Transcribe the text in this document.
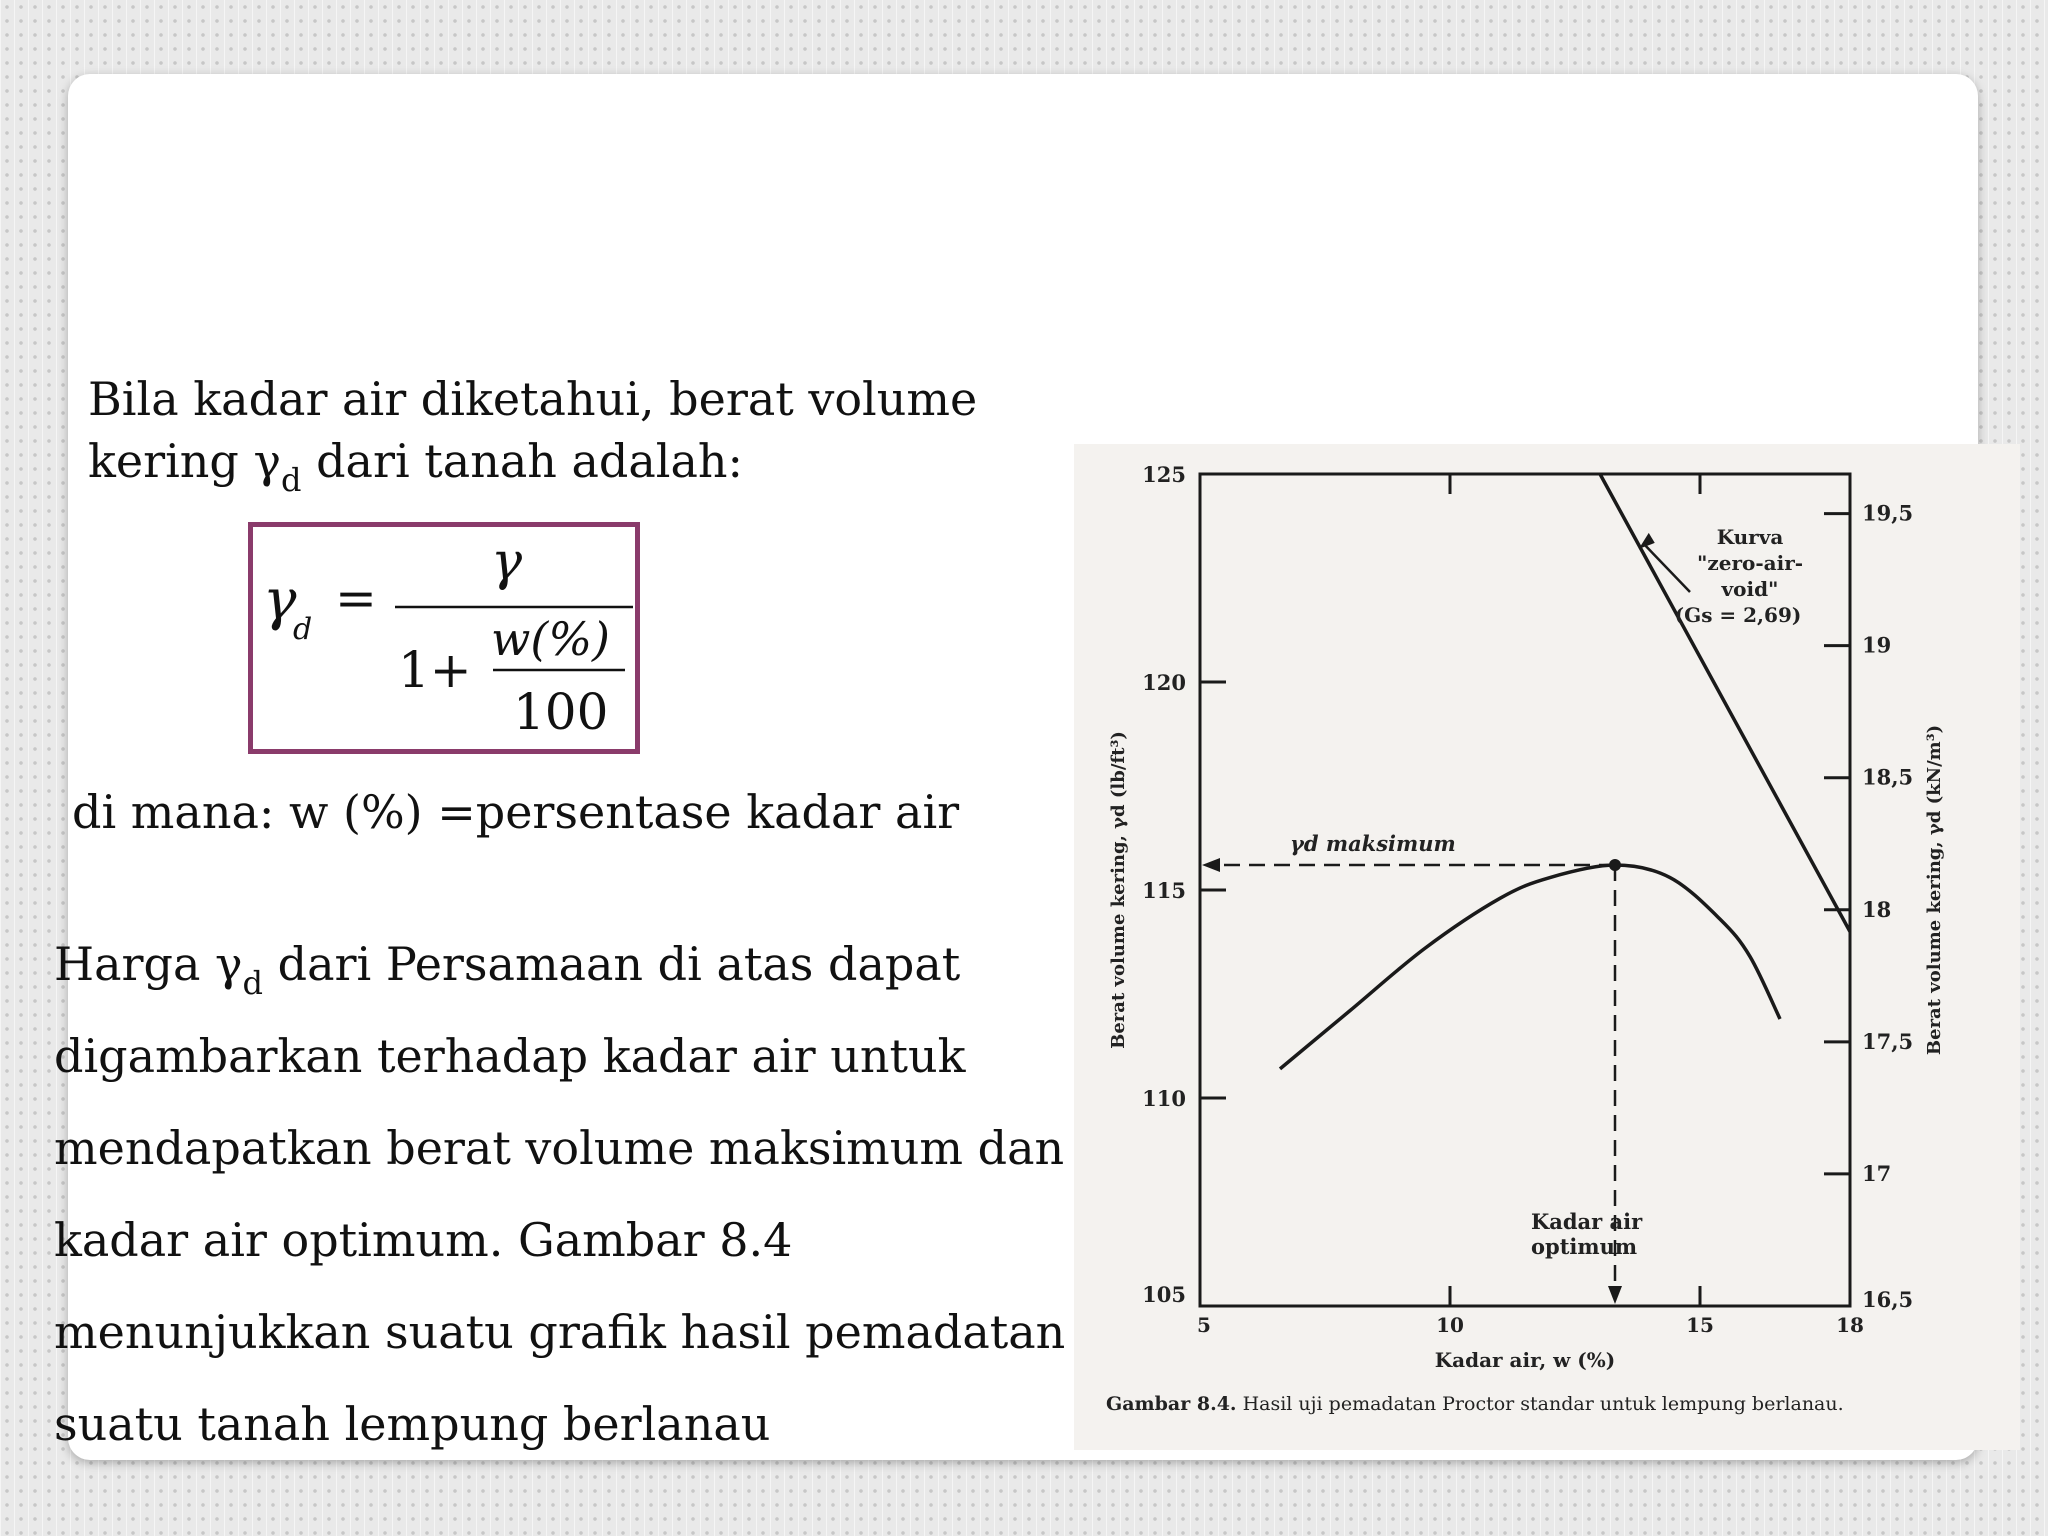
Bila kadar air diketahui, berat volume
kering $\gamma_d$ dari tanah adalah:
γ
d
=
γ
1+
w(%)
100
di mana: w (%) =persentase kadar air
Harga $\gamma_d$ dari Persamaan di atas dapat
digambarkan terhadap kadar air untuk
mendapatkan berat volume maksimum dan
kadar air optimum. Gambar 8.4
menunjukkan suatu grafik hasil pemadatan
suatu tanah lempung berlanau
5	10	15	18
105
110
115
120
125
16,5
17
17,5
18
18,5
19
19,5
γd maksimum
Kadar air
optimum
Kurva
"zero-air-
void"
(Gs = 2,69)
Kadar air, w (%)
Berat volume kering, γd (lb/ft³)	Berat volume kering, γd (kN/m³)
Gambar 8.4. Hasil uji pemadatan Proctor standar untuk lempung berlanau.
